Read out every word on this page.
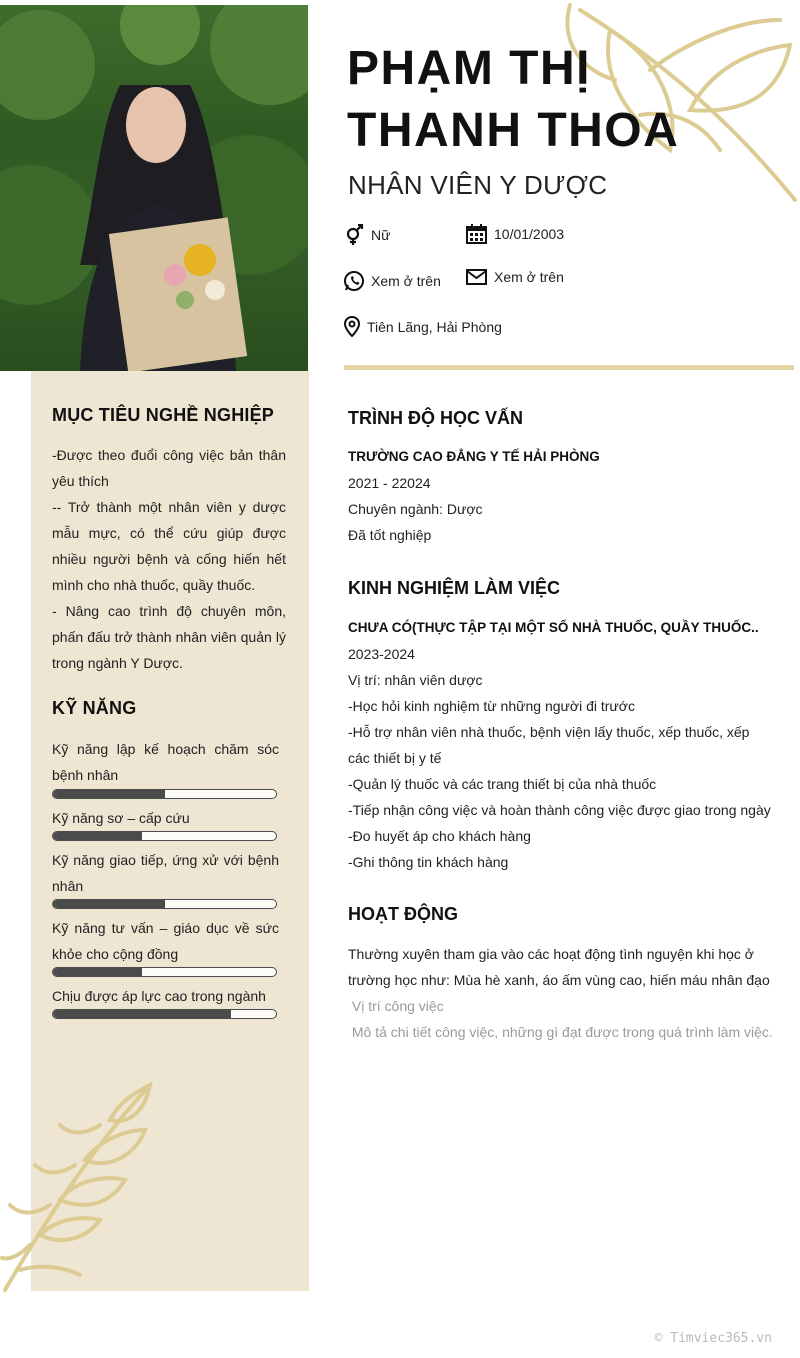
PHẠM THỊ
THANH THOA
NHÂN VIÊN Y DƯỢC
Nữ	10/01/2003
Xem ở trên	Xem ở trên
Tiên Lãng, Hải Phòng
MỤC TIÊU NGHỀ NGHIỆP
-Được theo đuổi công việc bản thân yêu thích
-- Trở thành một nhân viên y dược mẫu mực, có thể cứu giúp được nhiều người bệnh và cống hiến hết mình cho nhà thuốc, quầy thuốc.
- Nâng cao trình độ chuyên môn, phấn đấu trở thành nhân viên quản lý trong ngành Y Dược.
KỸ NĂNG
Kỹ năng lập kế hoạch chăm sóc bệnh nhân
Kỹ năng sơ – cấp cứu
Kỹ năng giao tiếp, ứng xử với bệnh nhân
Kỹ năng tư vấn – giáo dục về sức khỏe cho cộng đồng
Chịu được áp lực cao trong ngành
TRÌNH ĐỘ HỌC VẤN
TRƯỜNG CAO ĐẲNG Y TẾ HẢI PHÒNG
2021 - 22024
Chuyên ngành: Dược
Đã tốt nghiệp
KINH NGHIỆM LÀM VIỆC
CHƯA CÓ(THỰC TẬP TẠI MỘT SỐ NHÀ THUỐC, QUẦY THUỐC..
2023-2024
Vị trí: nhân viên dược
-Học hỏi kinh nghiệm từ những người đi trước
-Hỗ trợ nhân viên nhà thuốc, bệnh viện lấy thuốc, xếp thuốc, xếp các thiết bị y tế
-Quản lý thuốc và các trang thiết bị của nhà thuốc
-Tiếp nhận công việc và hoàn thành công việc được giao trong ngày
-Đo huyết áp cho khách hàng
-Ghi thông tin khách hàng
HOẠT ĐỘNG
Thường xuyên tham gia vào các hoạt động tình nguyện khi học ở trường học như: Mùa hè xanh, áo ấm vùng cao, hiến máu nhân đạo
Vị trí công việc
Mô tả chi tiết công việc, những gì đạt được trong quá trình làm việc.
© Timviec365.vn
